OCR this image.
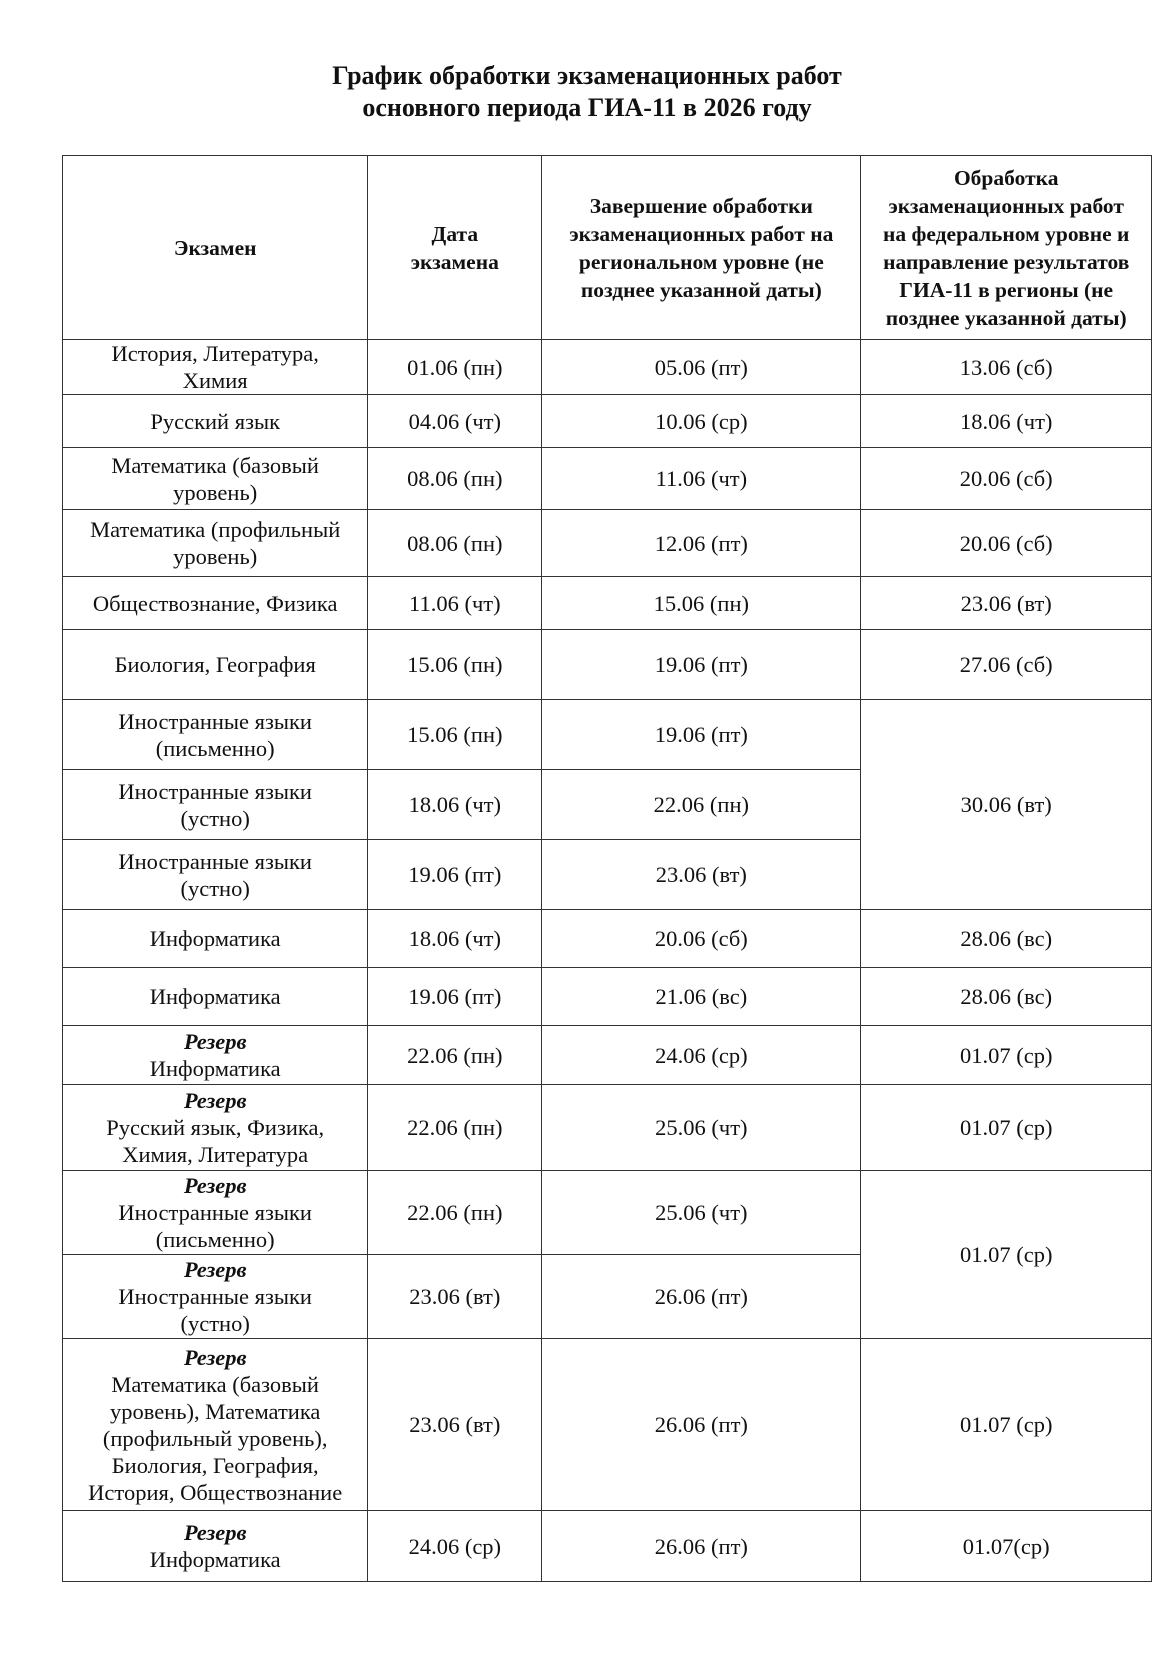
График обработки экзаменационных работ
основного периода ГИА-11 в 2026 году
Экзамен	Дата экзамена	Завершение обработки экзаменационных работ на региональном уровне (не позднее указанной даты)	Обработка экзаменационных работ на федеральном уровне и направление результатов ГИА-11 в регионы (не позднее указанной даты)

История, Литература, Химия	01.06 (пн)	05.06 (пт)	13.06 (сб)

Русский язык	04.06 (чт)	10.06 (ср)	18.06 (чт)

Математика (базовый уровень)	08.06 (пн)	11.06 (чт)	20.06 (сб)

Математика (профильный уровень)	08.06 (пн)	12.06 (пт)	20.06 (сб)

Обществознание, Физика	11.06 (чт)	15.06 (пн)	23.06 (вт)

Биология, География	15.06 (пн)	19.06 (пт)	27.06 (сб)

Иностранные языки (письменно)	15.06 (пн)	19.06 (пт)	30.06 (вт)

Иностранные языки (устно)	18.06 (чт)	22.06 (пн)	

Иностранные языки (устно)	19.06 (пт)	23.06 (вт)	

Информатика	18.06 (чт)	20.06 (сб)	28.06 (вс)

Информатика	19.06 (пт)	21.06 (вс)	28.06 (вс)

Резерв
Информатика	22.06 (пн)	24.06 (ср)	01.07 (ср)

Резерв
Русский язык, Физика, Химия, Литература	22.06 (пн)	25.06 (чт)	01.07 (ср)

Резерв
Иностранные языки (письменно)	22.06 (пн)	25.06 (чт)	01.07 (ср)

Резерв
Иностранные языки (устно)	23.06 (вт)	26.06 (пт)	

Резерв
Математика (базовый уровень), Математика (профильный уровень), Биология, География, История, Обществознание	23.06 (вт)	26.06 (пт)	01.07 (ср)

Резерв
Информатика	24.06 (ср)	26.06 (пт)	01.07(ср)
